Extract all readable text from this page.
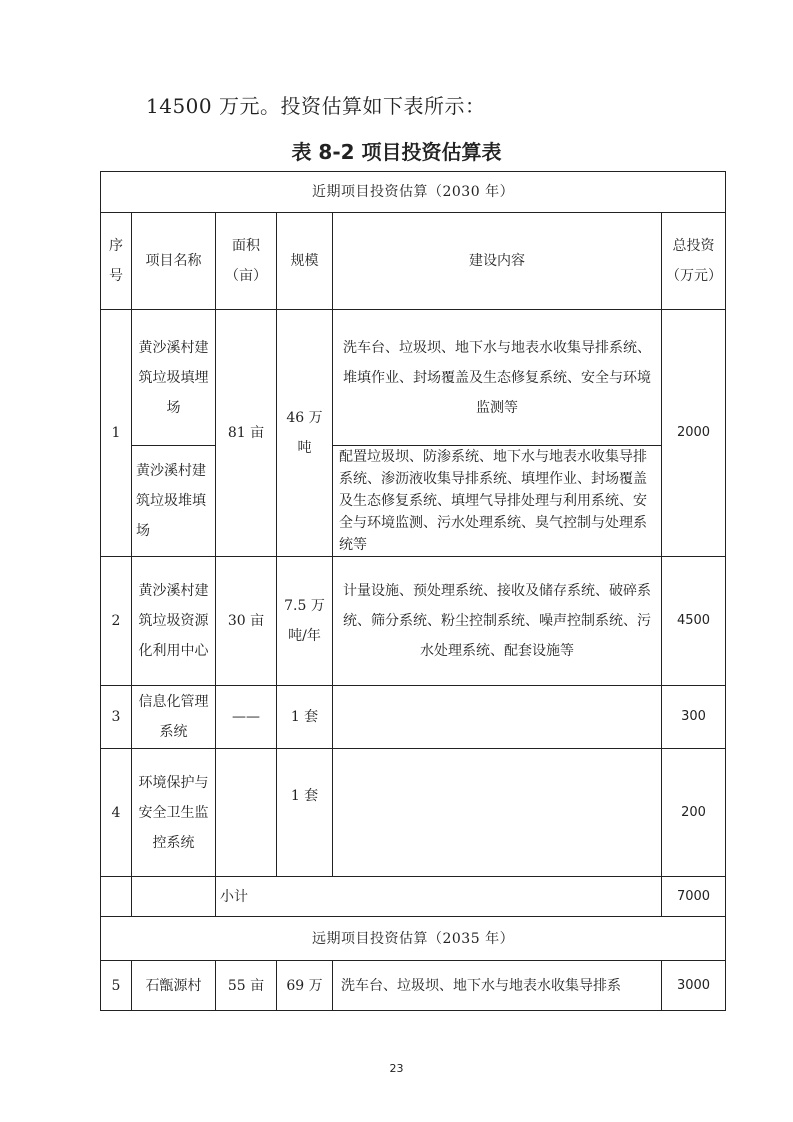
14500 万元。投资估算如下表所示：
表 8-2 项目投资估算表
近期项目投资估算（2030 年）					
序号	项目名称	面积（亩）	规模	建设内容	总投资（万元）
1	黄沙溪村建筑垃圾填埋场	81 亩	46 万吨	洗车台、垃圾坝、地下水与地表水收集导排系统、堆填作业、封场覆盖及生态修复系统、安全与环境监测等	2000
	黄沙溪村建筑垃圾堆填场			配置垃圾坝、防渗系统、地下水与地表水收集导排系统、渗沥液收集导排系统、填埋作业、封场覆盖及生态修复系统、填埋气导排处理与利用系统、安全与环境监测、污水处理系统、臭气控制与处理系统等	
2	黄沙溪村建筑垃圾资源化利用中心	30 亩	7.5 万吨/年	计量设施、预处理系统、接收及储存系统、破碎系统、筛分系统、粉尘控制系统、噪声控制系统、污水处理系统、配套设施等	4500
3	信息化管理系统	——	1 套		300
4	环境保护与安全卫生监控系统		1 套		200
		小计			7000
远期项目投资估算（2035 年）					
5	石甑源村	55 亩	69 万	洗车台、垃圾坝、地下水与地表水收集导排系	3000
23
